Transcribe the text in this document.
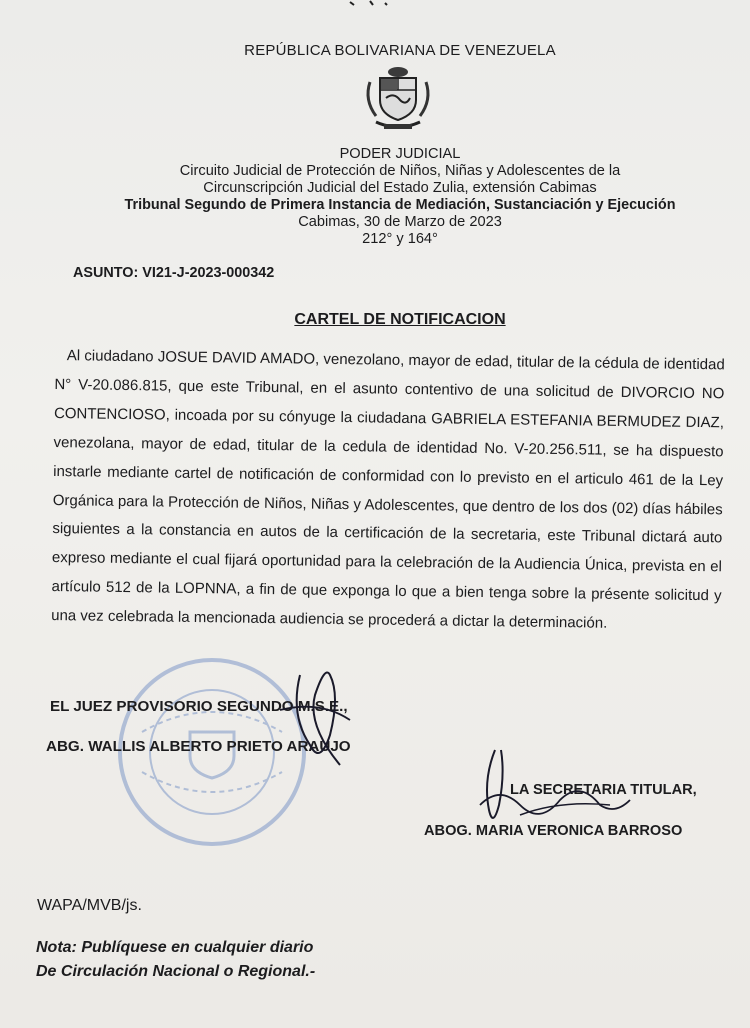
REPÚBLICA BOLIVARIANA DE VENEZUELA
PODER JUDICIAL
Circuito Judicial de Protección de Niños, Niñas y Adolescentes de la
Circunscripción Judicial del Estado Zulia, extensión Cabimas
Tribunal Segundo de Primera Instancia de Mediación, Sustanciación y Ejecución
Cabimas, 30 de Marzo de 2023
212° y 164°
ASUNTO: VI21-J-2023-000342
CARTEL DE NOTIFICACION
Al ciudadano JOSUE DAVID AMADO, venezolano, mayor de edad, titular de la cédula de identidad N° V-20.086.815, que este Tribunal, en el asunto contentivo de una solicitud de DIVORCIO NO CONTENCIOSO, incoada por su cónyuge la ciudadana GABRIELA ESTEFANIA BERMUDEZ DIAZ, venezolana, mayor de edad, titular de la cedula de identidad No. V-20.256.511, se ha dispuesto instarle mediante cartel de notificación de conformidad con lo previsto en el articulo 461 de la Ley Orgánica para la Protección de Niños, Niñas y Adolescentes, que dentro de los dos (02) días hábiles siguientes a la constancia en autos de la certificación de la secretaria, este Tribunal dictará auto expreso mediante el cual fijará oportunidad para la celebración de la Audiencia Única, prevista en el artículo 512 de la LOPNNA, a fin de que exponga lo que a bien tenga sobre la présente solicitud y una vez celebrada la mencionada audiencia se procederá a dictar la determinación.
EL JUEZ PROVISORIO SEGUNDO M.S.E.,
ABG. WALLIS ALBERTO PRIETO ARAUJO
LA SECRETARIA TITULAR,
ABOG. MARIA VERONICA BARROSO
WAPA/MVB/js.
Nota: Publíquese en cualquier diario
De Circulación Nacional o Regional.-
